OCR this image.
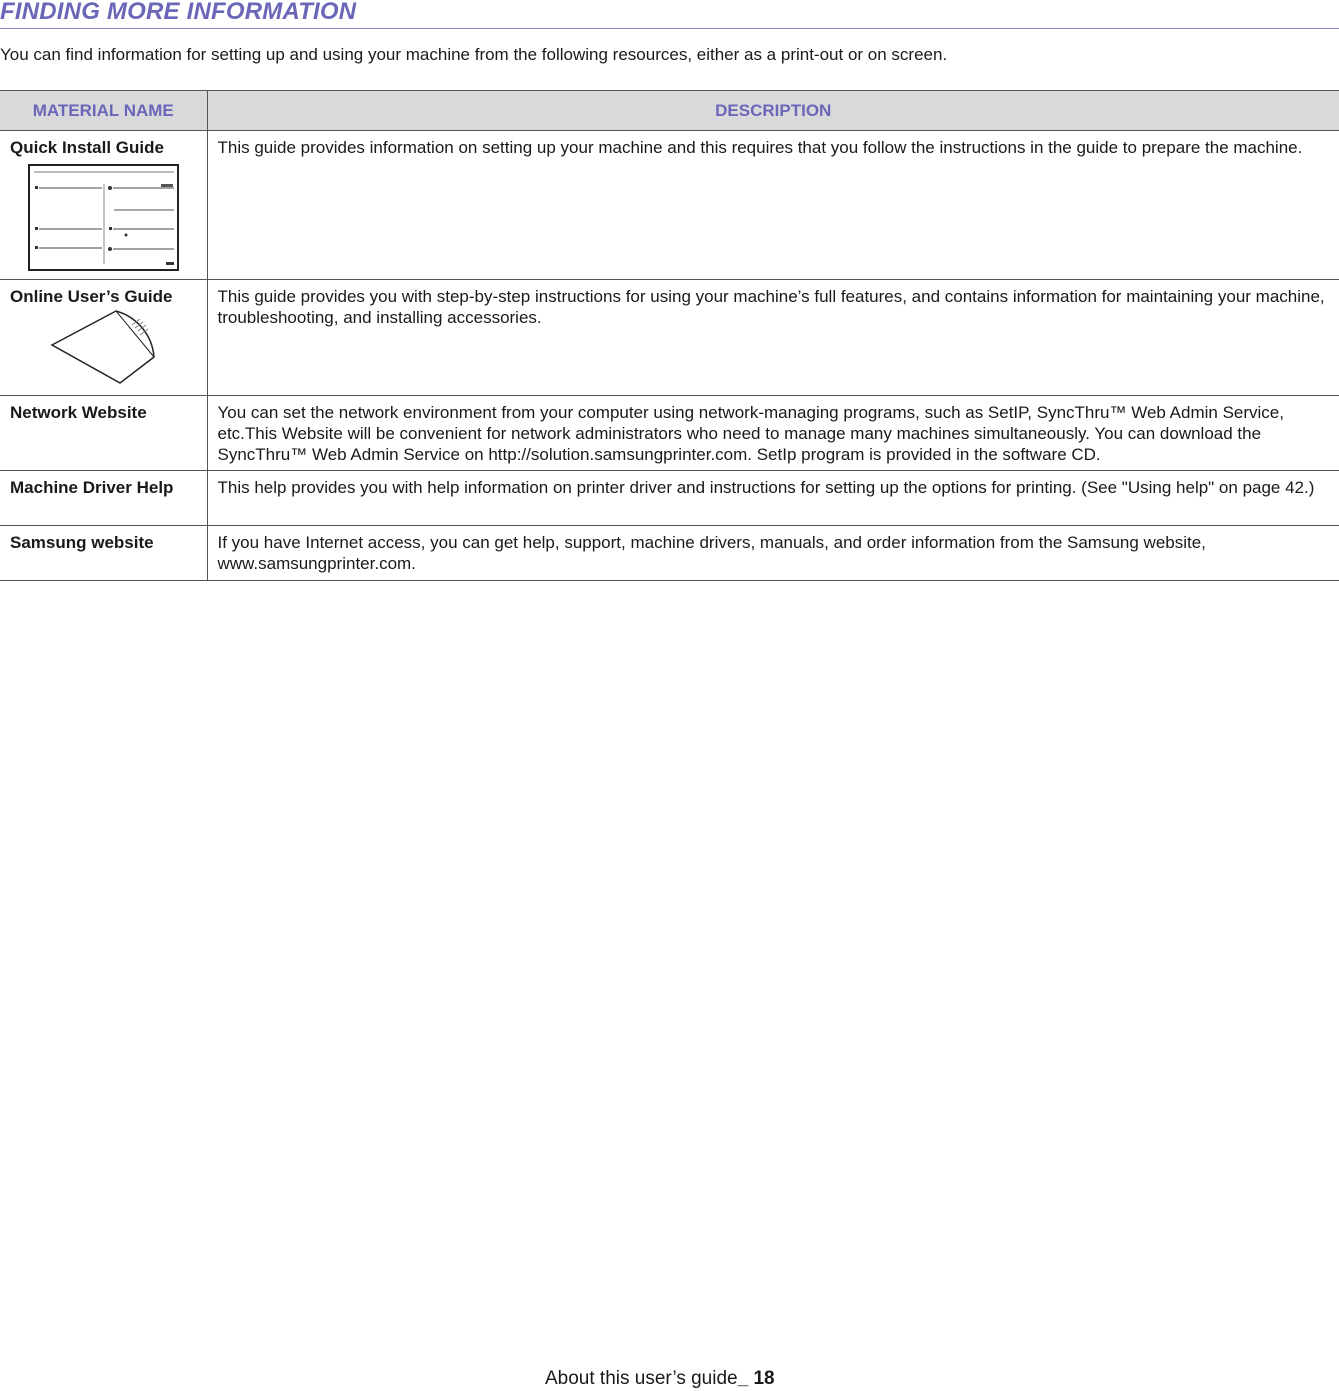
FINDING MORE INFORMATION

You can find information for setting up and using your machine from the following resources, either as a print-out or on screen.

MATERIAL NAME	DESCRIPTION

Quick Install Guide	This guide provides information on setting up your machine and this requires that you follow the instructions in the guide to prepare the machine.

Online User’s Guide	This guide provides you with step-by-step instructions for using your machine’s full features, and contains information for maintaining your machine, troubleshooting, and installing accessories.
Network Website	You can set the network environment from your computer using network-managing programs, such as SetIP, SyncThru™ Web Admin Service, etc.This Website will be convenient for network administrators who need to manage many machines simultaneously. You can download the SyncThru™ Web Admin Service on http://solution.samsungprinter.com. SetIp program is provided in the software CD.
Machine Driver Help	This help provides you with help information on printer driver and instructions for setting up the options for printing. (See "Using help" on page 42.)
Samsung website	If you have Internet access, you can get help, support, machine drivers, manuals, and order information from the Samsung website, www.samsungprinter.com.
About this user’s guide_ 18
